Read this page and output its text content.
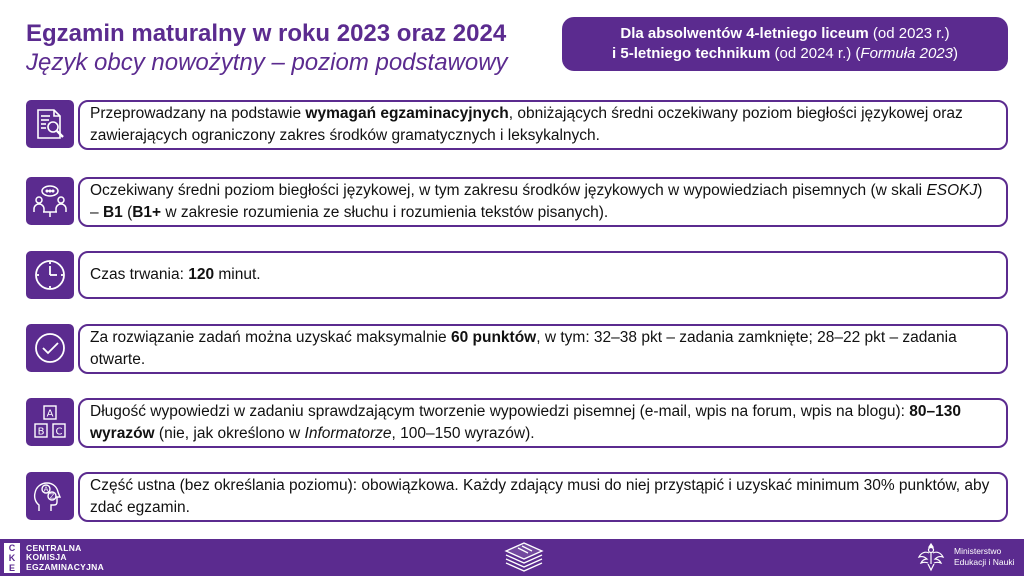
Egzamin maturalny w roku 2023 oraz 2024
Język obcy nowożytny – poziom podstawowy
Dla absolwentów 4-letniego liceum (od 2023 r.)
i 5-letniego technikum (od 2024 r.) (Formuła 2023)
Przeprowadzany na podstawie wymagań egzaminacyjnych, obniżających średni oczekiwany poziom biegłości językowej oraz zawierających ograniczony zakres środków gramatycznych i leksykalnych.
Oczekiwany średni poziom biegłości językowej, w tym zakresu środków językowych w wypowiedziach pisemnych (w skali ESOKJ) – B1 (B1+ w zakresie rozumienia ze słuchu i rozumienia tekstów pisanych).
Czas trwania: 120 minut.
Za rozwiązanie zadań można uzyskać maksymalnie 60 punktów, w tym: 32–38 pkt – zadania zamknięte; 28–22 pkt – zadania otwarte.
A
B C
Długość wypowiedzi w zadaniu sprawdzającym tworzenie wypowiedzi pisemnej (e-mail, wpis na forum, wpis na blogu): 80–130 wyrazów (nie, jak określono w Informatorze, 100–150 wyrazów).
A
Z
Część ustna (bez określania poziomu): obowiązkowa. Każdy zdający musi do niej przystąpić i uzyskać minimum 30% punktów, aby zdać egzamin.
C
K
E
CENTRALNA
KOMISJA
EGZAMINACYJNA
Ministerstwo
Edukacji i Nauki
